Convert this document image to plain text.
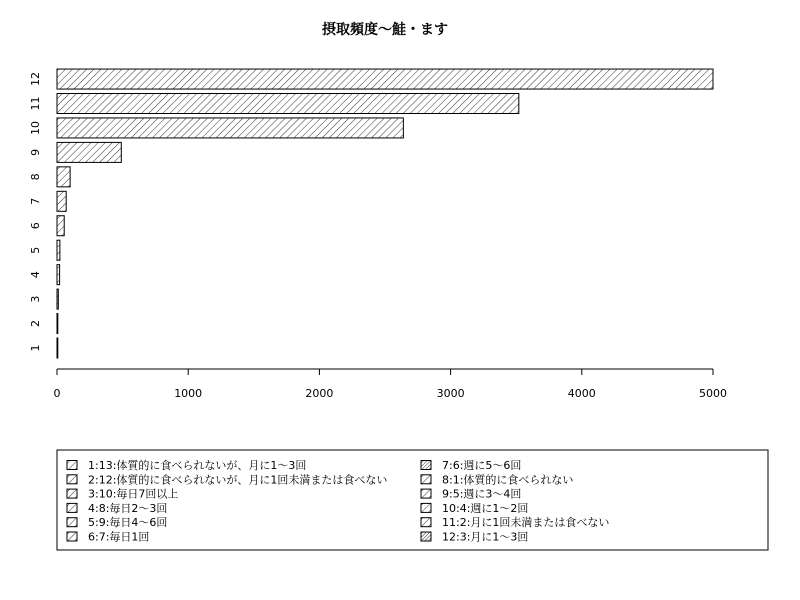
摂取頻度〜鮭・ます
1
2
3
4
5
6
7
8
9
10
11
12
0	1000	2000	3000	4000	5000
1:13:体質的に食べられないが、月に1〜3回
2:12:体質的に食べられないが、月に1回未満または食べない
3:10:毎日7回以上
4:8:毎日2〜3回
5:9:毎日4〜6回
6:7:毎日1回
7:6:週に5〜6回
8:1:体質的に食べられない
9:5:週に3〜4回
10:4:週に1〜2回
11:2:月に1回未満または食べない
12:3:月に1〜3回
